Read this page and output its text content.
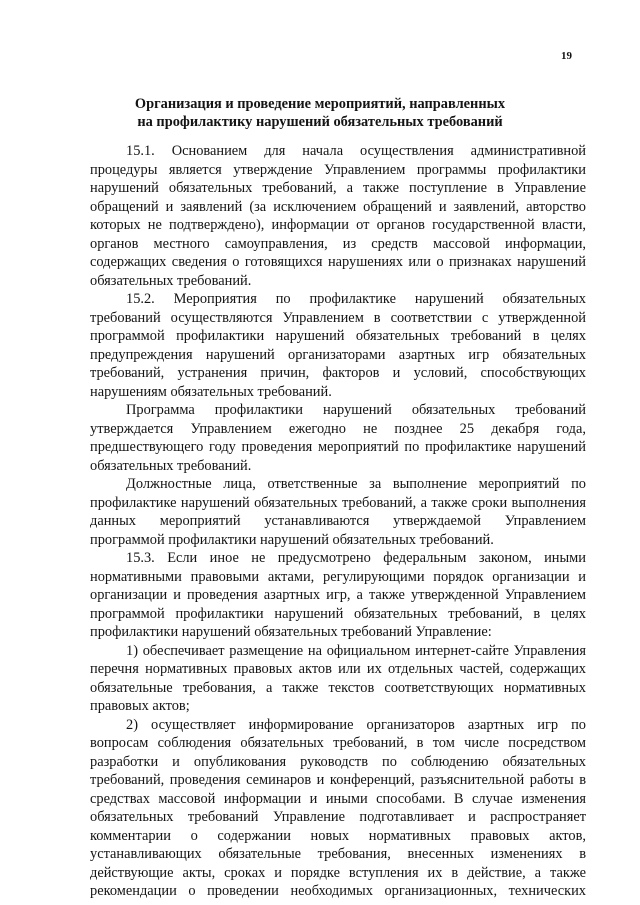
19
Организация и проведение мероприятий, направленных
на профилактику нарушений обязательных требований
15.1. Основанием для начала осуществления административной
процедуры является утверждение Управлением программы профилактики
нарушений обязательных требований, а также поступление в Управление
обращений и заявлений (за исключением обращений и заявлений, авторство
которых не подтверждено), информации от органов государственной власти,
органов местного самоуправления, из средств массовой информации,
содержащих сведения о готовящихся нарушениях или о признаках нарушений
обязательных требований.
15.2. Мероприятия по профилактике нарушений обязательных
требований осуществляются Управлением в соответствии с утвержденной
программой профилактики нарушений обязательных требований в целях
предупреждения нарушений организаторами азартных игр обязательных
требований, устранения причин, факторов и условий, способствующих
нарушениям обязательных требований.
Программа профилактики нарушений обязательных требований
утверждается Управлением ежегодно не позднее 25 декабря года,
предшествующего году проведения мероприятий по профилактике нарушений
обязательных требований.
Должностные лица, ответственные за выполнение мероприятий по
профилактике нарушений обязательных требований, а также сроки выполнения
данных мероприятий устанавливаются утверждаемой Управлением
программой профилактики нарушений обязательных требований.
15.3. Если иное не предусмотрено федеральным законом, иными
нормативными правовыми актами, регулирующими порядок организации и
организации и проведения азартных игр, а также утвержденной Управлением
программой профилактики нарушений обязательных требований, в целях
профилактики нарушений обязательных требований Управление:
1) обеспечивает размещение на официальном интернет-сайте Управления
перечня нормативных правовых актов или их отдельных частей, содержащих
обязательные требования, а также текстов соответствующих нормативных
правовых актов;
2) осуществляет информирование организаторов азартных игр по
вопросам соблюдения обязательных требований, в том числе посредством
разработки и опубликования руководств по соблюдению обязательных
требований, проведения семинаров и конференций, разъяснительной работы в
средствах массовой информации и иными способами. В случае изменения
обязательных требований Управление подготавливает и распространяет
комментарии о содержании новых нормативных правовых актов,
устанавливающих обязательные требования, внесенных изменениях в
действующие акты, сроках и порядке вступления их в действие, а также
рекомендации о проведении необходимых организационных, технических
